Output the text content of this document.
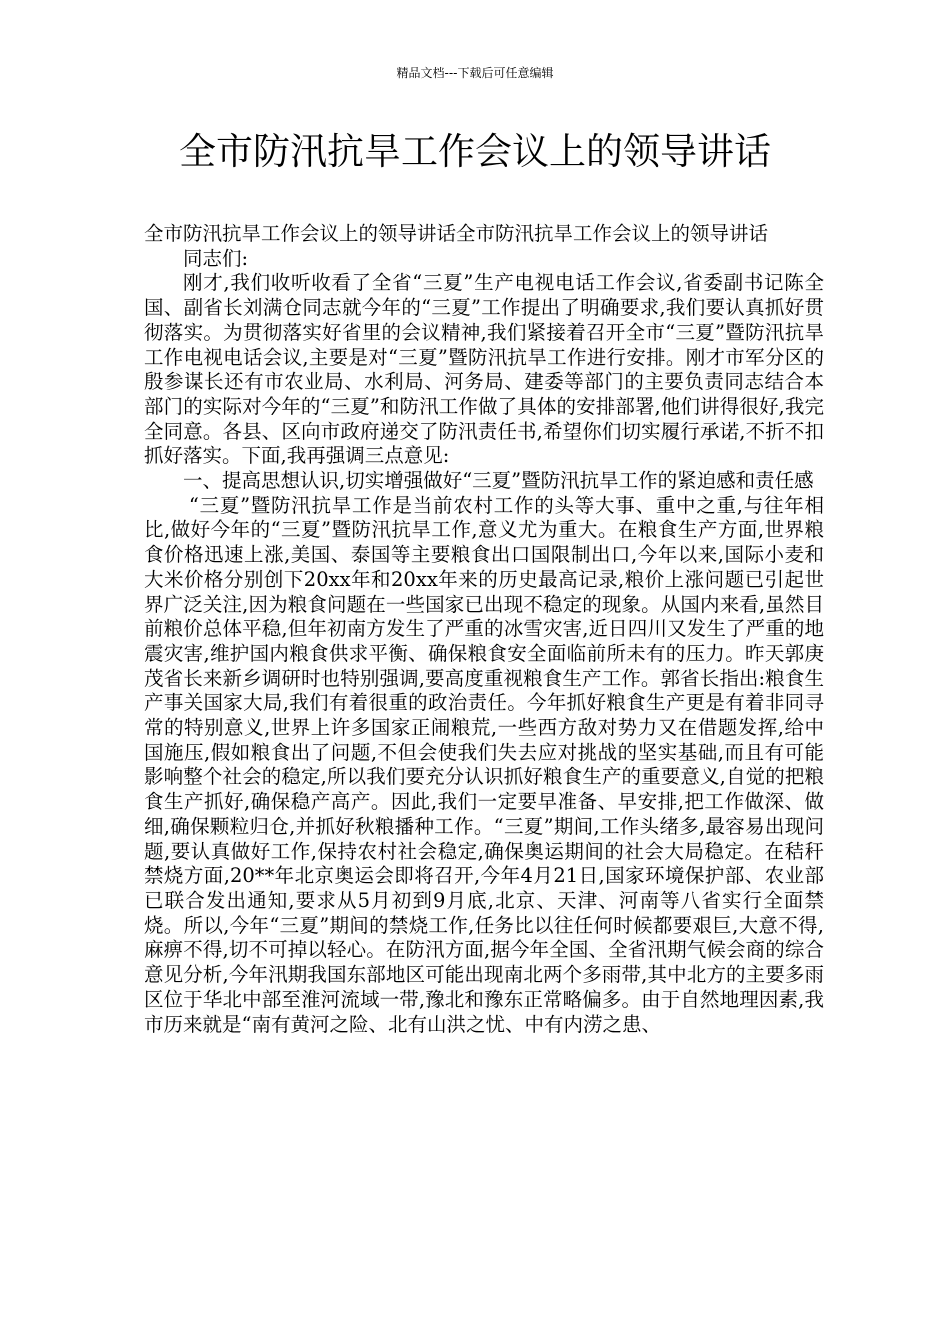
精品文档---下载后可任意编辑
全市防汛抗旱工作会议上的领导讲话

全市防汛抗旱工作会议上的领导讲话全市防汛抗旱工作会议上的领导讲话

同志们:

刚才,我们收听收看了全省“三夏”生产电视电话工作会议,省委副书记陈全国、副省长刘满仓同志就今年的“三夏”工作提出了明确要求,我们要认真抓好贯彻落实。为贯彻落实好省里的会议精神,我们紧接着召开全市“三夏”暨防汛抗旱工作电视电话会议,主要是对“三夏”暨防汛抗旱工作进行安排。刚才市军分区的殷参谋长还有市农业局、水利局、河务局、建委等部门的主要负责同志结合本部门的实际对今年的“三夏”和防汛工作做了具体的安排部署,他们讲得很好,我完全同意。各县、区向市政府递交了防汛责任书,希望你们切实履行承诺,不折不扣抓好落实。下面,我再强调三点意见:

一、提高思想认识,切实增强做好“三夏”暨防汛抗旱工作的紧迫感和责任感

“三夏”暨防汛抗旱工作是当前农村工作的头等大事、重中之重,与往年相比,做好今年的“三夏”暨防汛抗旱工作,意义尤为重大。在粮食生产方面,世界粮食价格迅速上涨,美国、泰国等主要粮食出口国限制出口,今年以来,国际小麦和大米价格分别创下20xx年和20xx年来的历史最高记录,粮价上涨问题已引起世界广泛关注,因为粮食问题在一些国家已出现不稳定的现象。从国内来看,虽然目前粮价总体平稳,但年初南方发生了严重的冰雪灾害,近日四川又发生了严重的地震灾害,维护国内粮食供求平衡、确保粮食安全面临前所未有的压力。昨天郭庚茂省长来新乡调研时也特别强调,要高度重视粮食生产工作。郭省长指出:粮食生产事关国家大局,我们有着很重的政治责任。今年抓好粮食生产更是有着非同寻常的特别意义,世界上许多国家正闹粮荒,一些西方敌对势力又在借题发挥,给中国施压,假如粮食出了问题,不但会使我们失去应对挑战的坚实基础,而且有可能影响整个社会的稳定,所以我们要充分认识抓好粮食生产的重要意义,自觉的把粮食生产抓好,确保稳产高产。因此,我们一定要早准备、早安排,把工作做深、做细,确保颗粒归仓,并抓好秋粮播种工作。“三夏”期间,工作头绪多,最容易出现问题,要认真做好工作,保持农村社会稳定,确保奥运期间的社会大局稳定。在秸秆禁烧方面,20**年北京奥运会即将召开,今年4月21日,国家环境保护部、农业部已联合发出通知,要求从5月初到9月底,北京、天津、河南等八省实行全面禁烧。所以,今年“三夏”期间的禁烧工作,任务比以往任何时候都要艰巨,大意不得,麻痹不得,切不可掉以轻心。在防汛方面,据今年全国、全省汛期气候会商的综合意见分析,今年汛期我国东部地区可能出现南北两个多雨带,其中北方的主要多雨区位于华北中部至淮河流域一带,豫北和豫东正常略偏多。由于自然地理因素,我市历来就是“南有黄河之险、北有山洪之忧、中有内涝之患、
